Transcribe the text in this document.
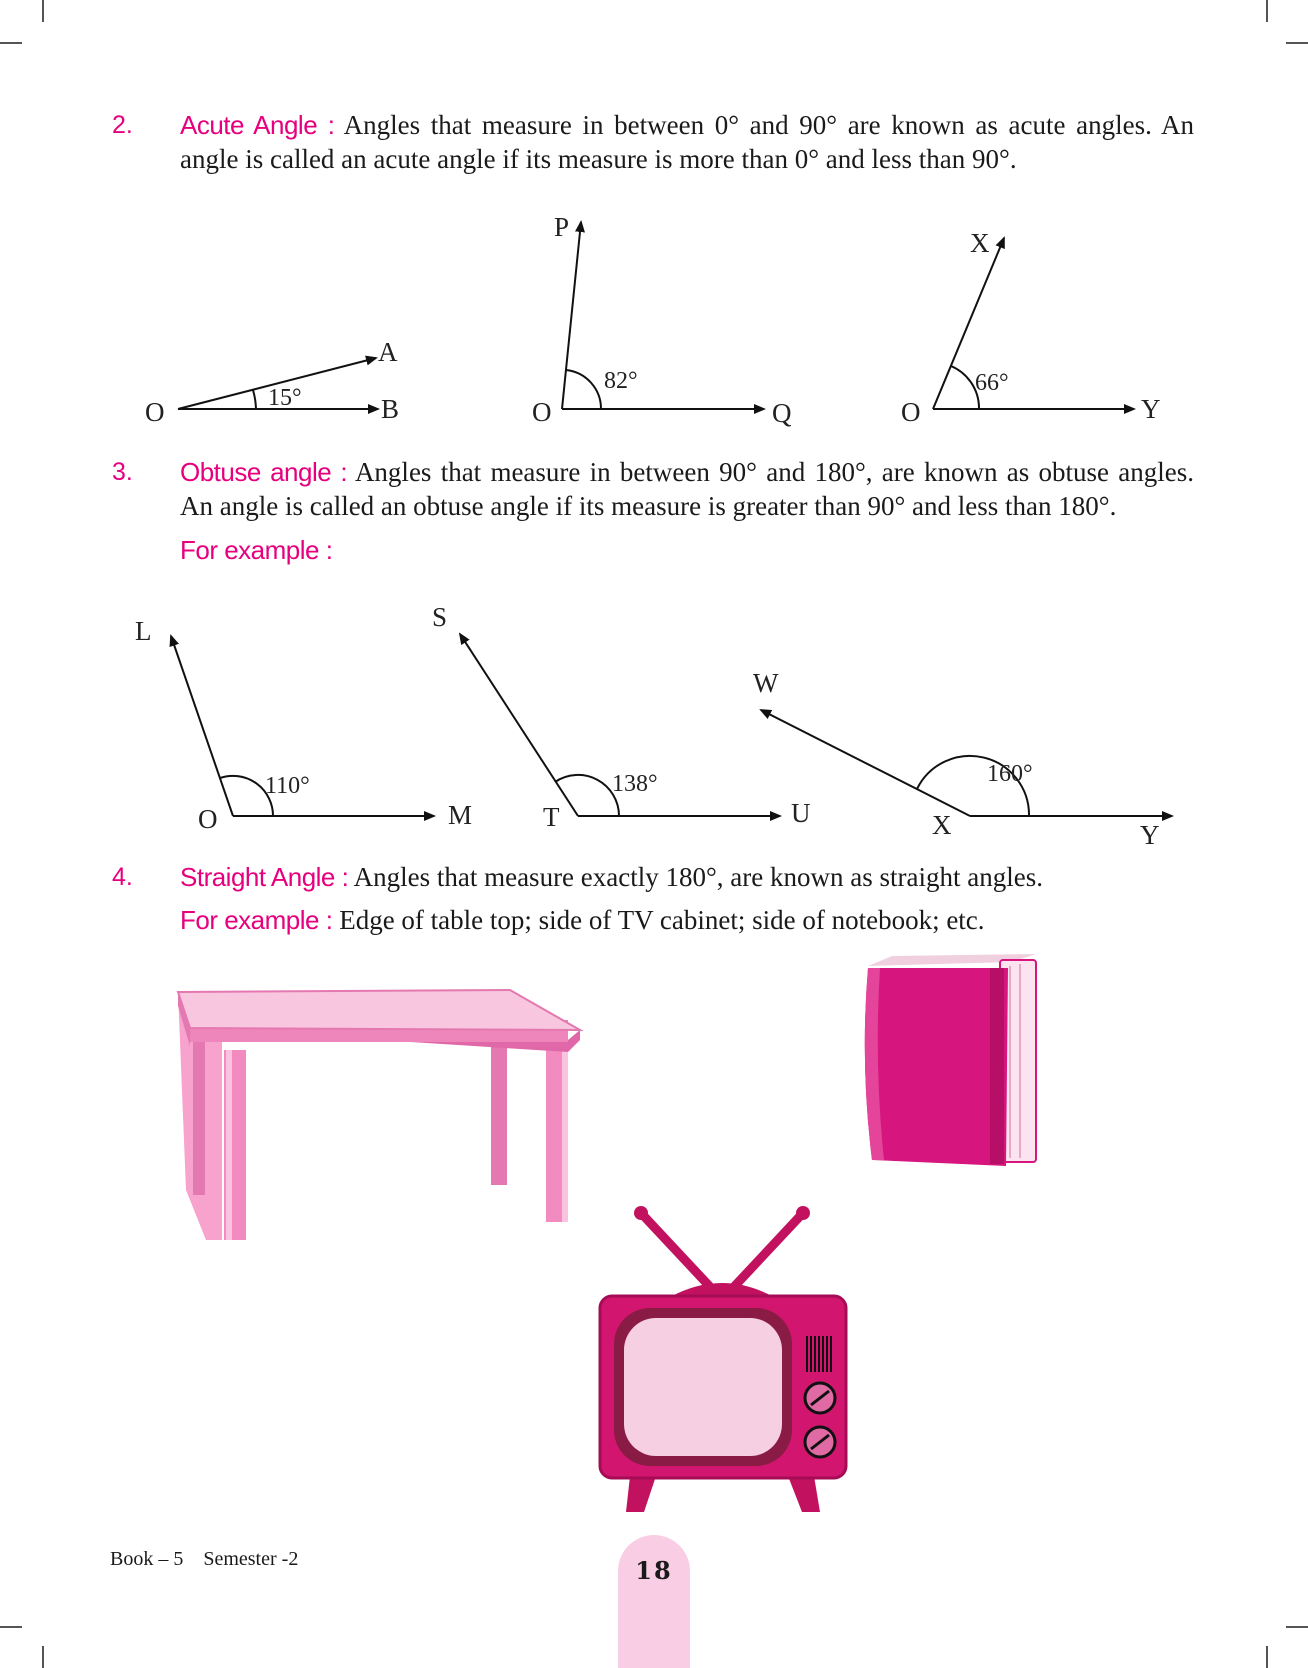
2. Acute Angle : Angles that measure in between 0° and 90° are known as acute angles. An angle is called an acute angle if its measure is more than 0° and less than 90°.
3. Obtuse angle : Angles that measure in between 90° and 180°, are known as obtuse angles. An angle is called an obtuse angle if its measure is greater than 90° and less than 180°.
For example :
4. Straight Angle : Angles that measure exactly 180°, are known as straight angles.
For example : Edge of table top; side of TV cabinet; side of notebook; etc.
O
A
B
15°	O
P
Q
82°
O
X
Y
66°
O
L
M
110°
T
S
U
138°
X
W
Y
160°
Book – 5 Semester -2	18
